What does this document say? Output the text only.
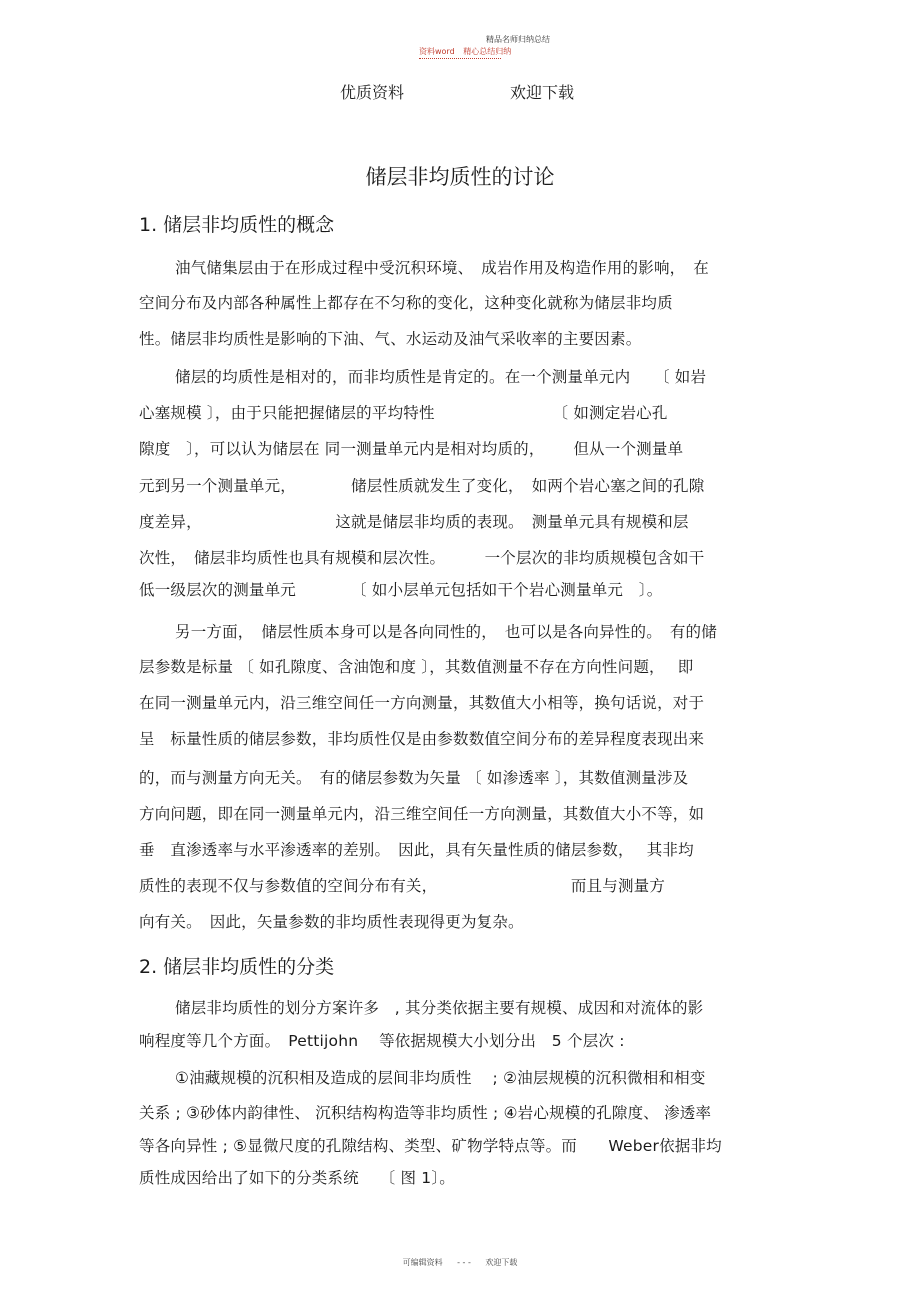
精品名师归纳总结
资料word 精心总结归纳
优质资料	欢迎下载
储层非均质性的讨论
1. 储层非均质性的概念
油气储集层由于在形成过程中受沉积环境、　成岩作用及构造作用的影响，　在
空间分布及内部各种属性上都存在不匀称的变化，这种变化就称为储层非均质
性。储层非均质性是影响的下油、气、水运动及油气采收率的主要因素。
储层的均质性是相对的，而非均质性是肯定的。在一个测量单元内　　〔 如岩
心塞规模 〕，由于只能把握储层的平均特性　　　　　　　　〔 如测定岩心孔
隙度　〕，可以认为储层在 同一测量单元内是相对均质的，　　 但从一个测量单
元到另一个测量单元，　　　　储层性质就发生了变化，　如两个岩心塞之间的孔隙
度差异，　　　　　　　　　这就是储层非均质的表现。　测量单元具有规模和层
次性，　储层非均质性也具有规模和层次性。　　　一个层次的非均质规模包含如干
低一级层次的测量单元　　　　〔 如小层单元包括如干个岩心测量单元　〕。
另一方面，　储层性质本身可以是各向同性的，　也可以是各向异性的。　有的储
层参数是标量 〔 如孔隙度、含油饱和度 〕，其数值测量不存在方向性问题，　 即
在同一测量单元内，沿三维空间任一方向测量，其数值大小相等，换句话说，对于
呈　标量性质的储层参数，非均质性仅是由参数数值空间分布的差异程度表现出来
的，而与测量方向无关。　有的储层参数为矢量 〔 如渗透率 〕，其数值测量涉及
方向问题，即在同一测量单元内，沿三维空间任一方向测量，其数值大小不等，如
垂　直渗透率与水平渗透率的差别。　因此，具有矢量性质的储层参数，　 其非均
质性的表现不仅与参数值的空间分布有关，　　　　　　　　　而且与测量方
向有关。　因此，矢量参数的非均质性表现得更为复杂。
2. 储层非均质性的分类
储层非均质性的划分方案许多　, 其分类依据主要有规模、成因和对流体的影
响程度等几个方面。　Pettijohn　 等依据规模大小划分出　5 个层次 :
①油藏规模的沉积相及造成的层间非均质性　 ; ②油层规模的沉积微相和相变
关系 ; ③砂体内韵律性、 沉积结构构造等非均质性 ; ④岩心规模的孔隙度、 渗透率
等各向异性 ; ⑤显微尺度的孔隙结构、类型、矿物学特点等。而　　Weber依据非均
质性成因给出了如下的分类系统　 〔 图 1〕。
可编辑资料 - - - 欢迎下载
